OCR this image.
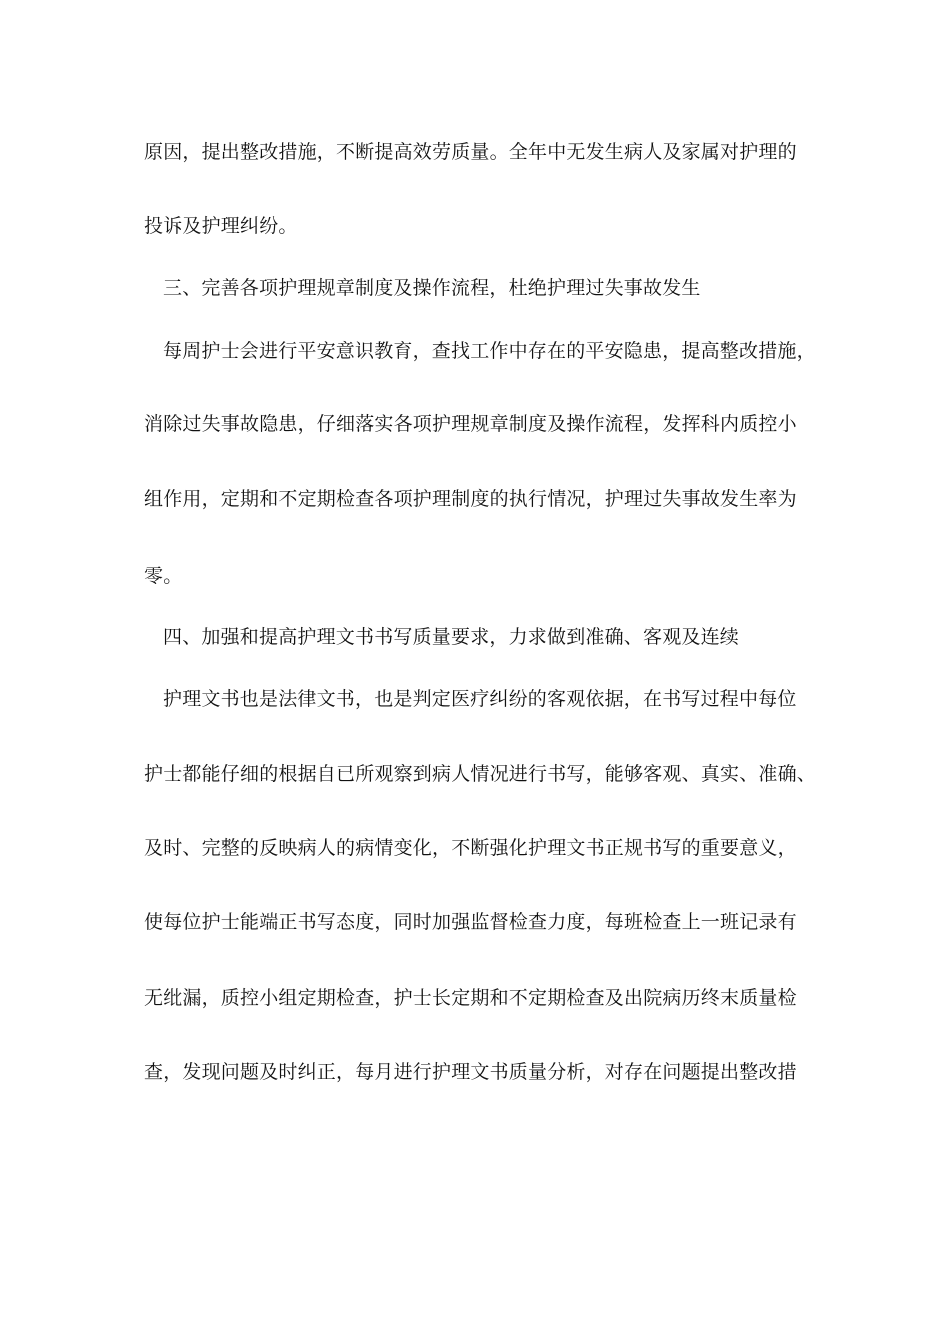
原因，提出整改措施，不断提高效劳质量。全年中无发生病人及家属对护理的
投诉及护理纠纷。
三、完善各项护理规章制度及操作流程，杜绝护理过失事故发生
每周护士会进行平安意识教育，查找工作中存在的平安隐患，提高整改措施，
消除过失事故隐患，仔细落实各项护理规章制度及操作流程，发挥科内质控小
组作用，定期和不定期检查各项护理制度的执行情况，护理过失事故发生率为
零。
四、加强和提高护理文书书写质量要求，力求做到准确、客观及连续
护理文书也是法律文书，也是判定医疗纠纷的客观依据，在书写过程中每位
护士都能仔细的根据自已所观察到病人情况进行书写，能够客观、真实、准确、
及时、完整的反映病人的病情变化，不断强化护理文书正规书写的重要意义，
使每位护士能端正书写态度，同时加强监督检查力度，每班检查上一班记录有
无纰漏，质控小组定期检查，护士长定期和不定期检查及出院病历终末质量检
查，发现问题及时纠正，每月进行护理文书质量分析，对存在问题提出整改措
